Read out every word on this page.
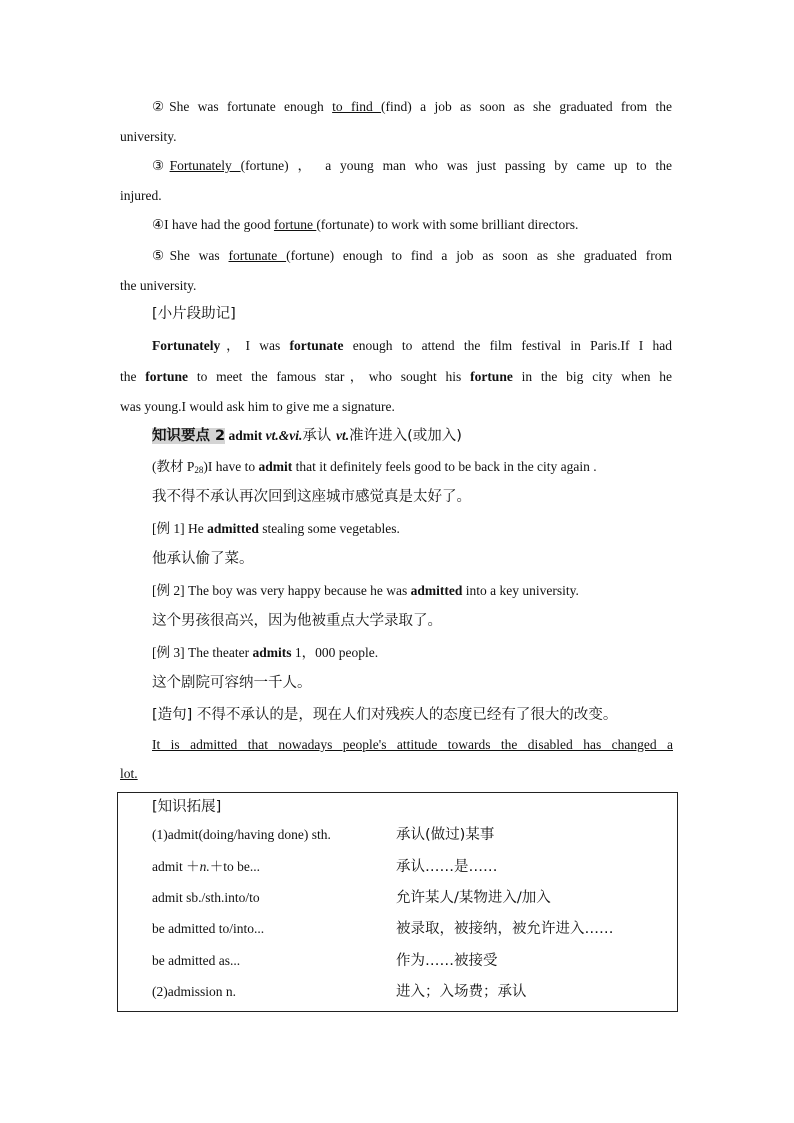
②She was fortunate enough to find (find) a job as soon as she graduated from the
university.
③Fortunately (fortune) ， a young man who was just passing by came up to the
injured.
④I have had the good fortune (fortunate) to work with some brilliant directors.
⑤She was fortunate (fortune) enough to find a job as soon as she graduated from
the university.
[小片段助记]
Fortunately，I was fortunate enough to attend the film festival in Paris.If I had
the fortune to meet the famous star，who sought his fortune in the big city when he
was young.I would ask him to give me a signature.
知识要点 2 admit vt.&vi.承认 vt.准许进入(或加入)
(教材 $P_{28})I$ have to admit that it definitely feels good to be back in the city again .
我不得不承认再次回到这座城市感觉真是太好了。
[例 1] He admitted stealing some vegetables.
他承认偷了菜。
[例 2] The boy was very happy because he was admitted into a key university.
这个男孩很高兴，因为他被重点大学录取了。
[例 3] The theater admits 1，000 people.
这个剧院可容纳一千人。
[造句] 不得不承认的是，现在人们对残疾人的态度已经有了很大的改变。
It is admitted that nowadays people's attitude towards the disabled has changed a
lot.
[知识拓展]
(1)admit(doing/having done) sth.	承认(做过)某事
admit ＋n.＋to be...	承认……是……
admit sb./sth.into/to	允许某人/某物进入/加入
be admitted to/into...	被录取，被接纳，被允许进入……
be admitted as...	作为……被接受
(2)admission n.	进入；入场费；承认
